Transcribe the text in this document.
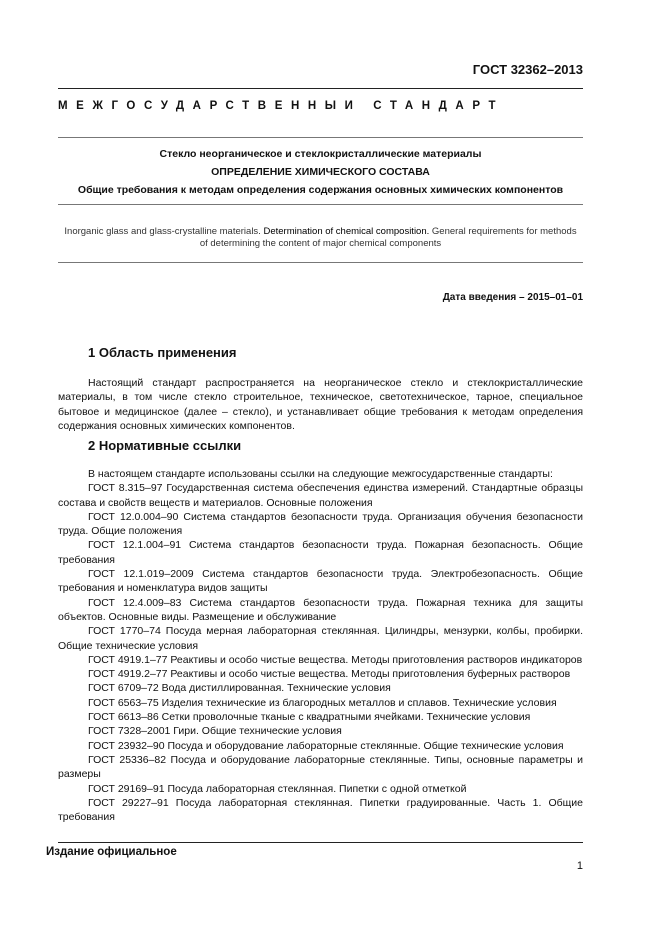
ГОСТ 32362–2013
МЕЖГОСУДАРСТВЕННЫЙ СТАНДАРТ
Стекло неорганическое и стеклокристаллические материалы
ОПРЕДЕЛЕНИЕ ХИМИЧЕСКОГО СОСТАВА
Общие требования к методам определения содержания основных химических компонентов
Inorganic glass and glass-crystalline materials. Determination of chemical composition. General requirements for methods of determining the content of major chemical components
Дата введения – 2015–01–01
1 Область применения

Настоящий стандарт распространяется на неорганическое стекло и стеклокристаллические материалы, в том числе стекло строительное, техническое, светотехническое, тарное, специальное бытовое и медицинское (далее – стекло), и устанавливает общие требования к методам определения содержания основных химических компонентов.

2 Нормативные ссылки

В настоящем стандарте использованы ссылки на следующие межгосударственные стандарты:

ГОСТ 8.315–97 Государственная система обеспечения единства измерений. Стандартные образцы состава и свойств веществ и материалов. Основные положения

ГОСТ 12.0.004–90 Система стандартов безопасности труда. Организация обучения безопасности труда. Общие положения

ГОСТ 12.1.004–91 Система стандартов безопасности труда. Пожарная безопасность. Общие требования

ГОСТ 12.1.019–2009 Система стандартов безопасности труда. Электробезопасность. Общие требования и номенклатура видов защиты

ГОСТ 12.4.009–83 Система стандартов безопасности труда. Пожарная техника для защиты объектов. Основные виды. Размещение и обслуживание

ГОСТ 1770–74 Посуда мерная лабораторная стеклянная. Цилиндры, мензурки, колбы, пробирки. Общие технические условия

ГОСТ 4919.1–77 Реактивы и особо чистые вещества. Методы приготовления растворов индикаторов

ГОСТ 4919.2–77 Реактивы и особо чистые вещества. Методы приготовления буферных растворов

ГОСТ 6709–72 Вода дистиллированная. Технические условия

ГОСТ 6563–75 Изделия технические из благородных металлов и сплавов. Технические условия

ГОСТ 6613–86 Сетки проволочные тканые с квадратными ячейками. Технические условия

ГОСТ 7328–2001 Гири. Общие технические условия

ГОСТ 23932–90 Посуда и оборудование лабораторные стеклянные. Общие технические условия

ГОСТ 25336–82 Посуда и оборудование лабораторные стеклянные. Типы, основные параметры и размеры

ГОСТ 29169–91 Посуда лабораторная стеклянная. Пипетки с одной отметкой

ГОСТ 29227–91 Посуда лабораторная стеклянная. Пипетки градуированные. Часть 1. Общие требования

Издание официальное
1
